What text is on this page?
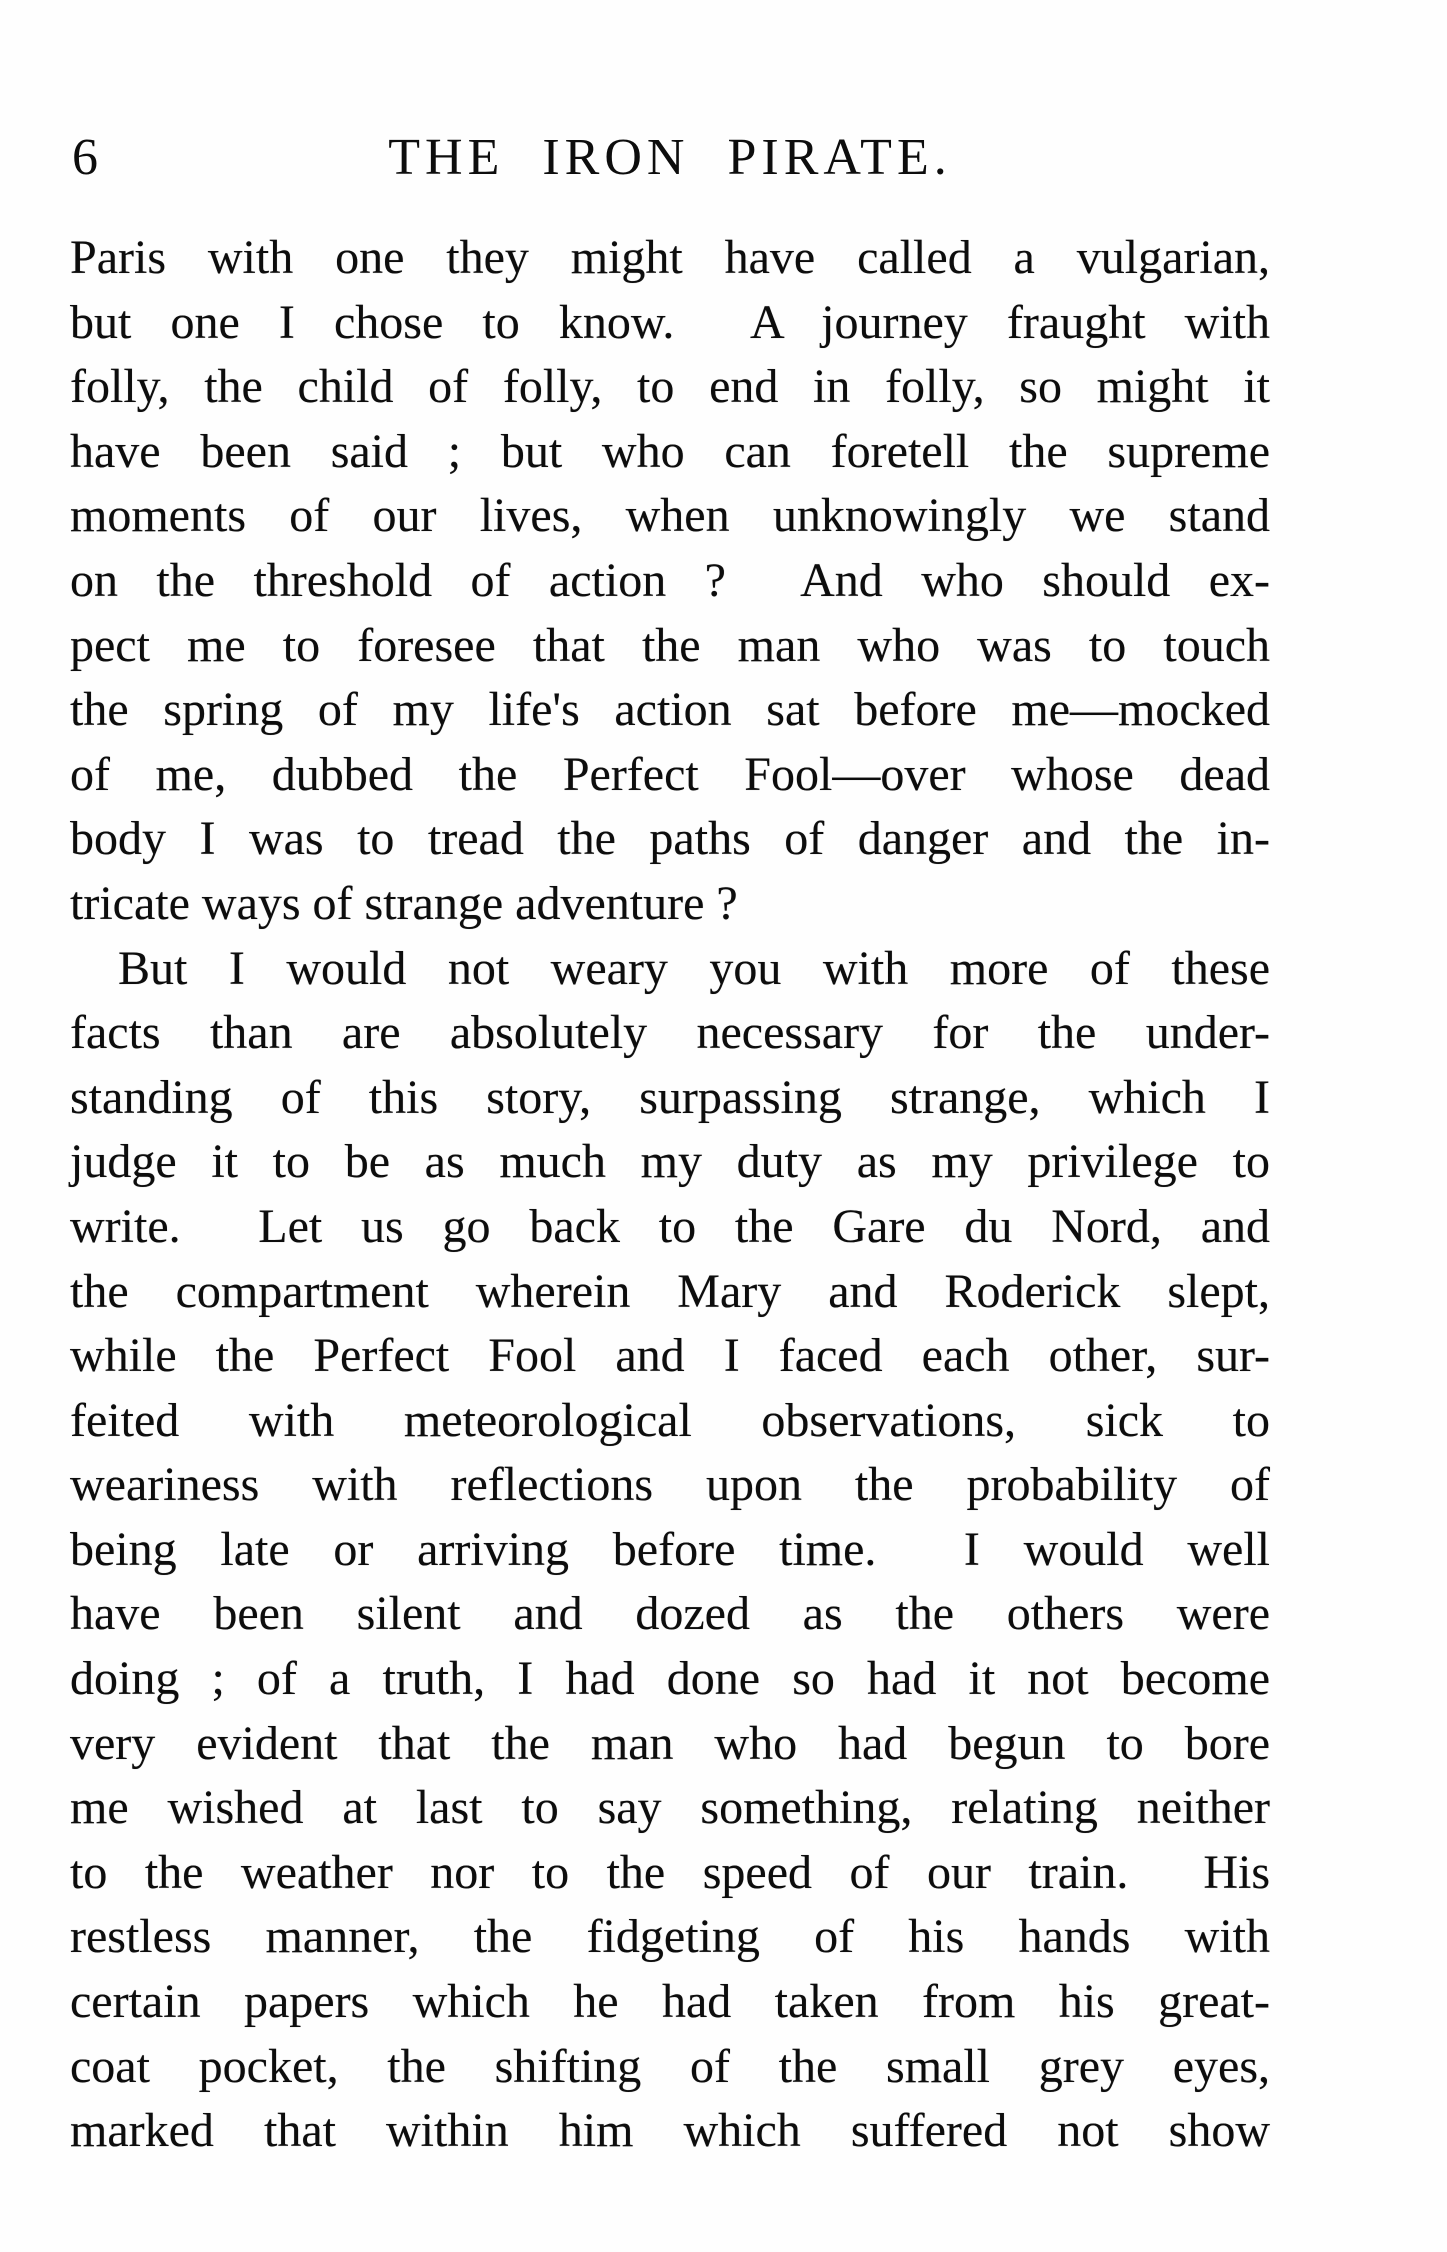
6	THE IRON PIRATE.
Paris with one they might have called a vulgarian,
but one I chose to know.  A journey fraught with
folly, the child of folly, to end in folly, so might it
have been said ; but who can foretell the supreme
moments of our lives, when unknowingly we stand
on the threshold of action ?  And who should ex-
pect me to foresee that the man who was to touch
the spring of my life's action sat before me—mocked
of me, dubbed the Perfect Fool—over whose dead
body I was to tread the paths of danger and the in-
tricate ways of strange adventure ?
But I would not weary you with more of these
facts than are absolutely necessary for the under-
standing of this story, surpassing strange, which I
judge it to be as much my duty as my privilege to
write.  Let us go back to the Gare du Nord, and
the compartment wherein Mary and Roderick slept,
while the Perfect Fool and I faced each other, sur-
feited with meteorological observations, sick to
weariness with reflections upon the probability of
being late or arriving before time.  I would well
have been silent and dozed as the others were
doing ; of a truth, I had done so had it not become
very evident that the man who had begun to bore
me wished at last to say something, relating neither
to the weather nor to the speed of our train.  His
restless manner, the fidgeting of his hands with
certain papers which he had taken from his great-
coat pocket, the shifting of the small grey eyes,
marked that within him which suffered not show
